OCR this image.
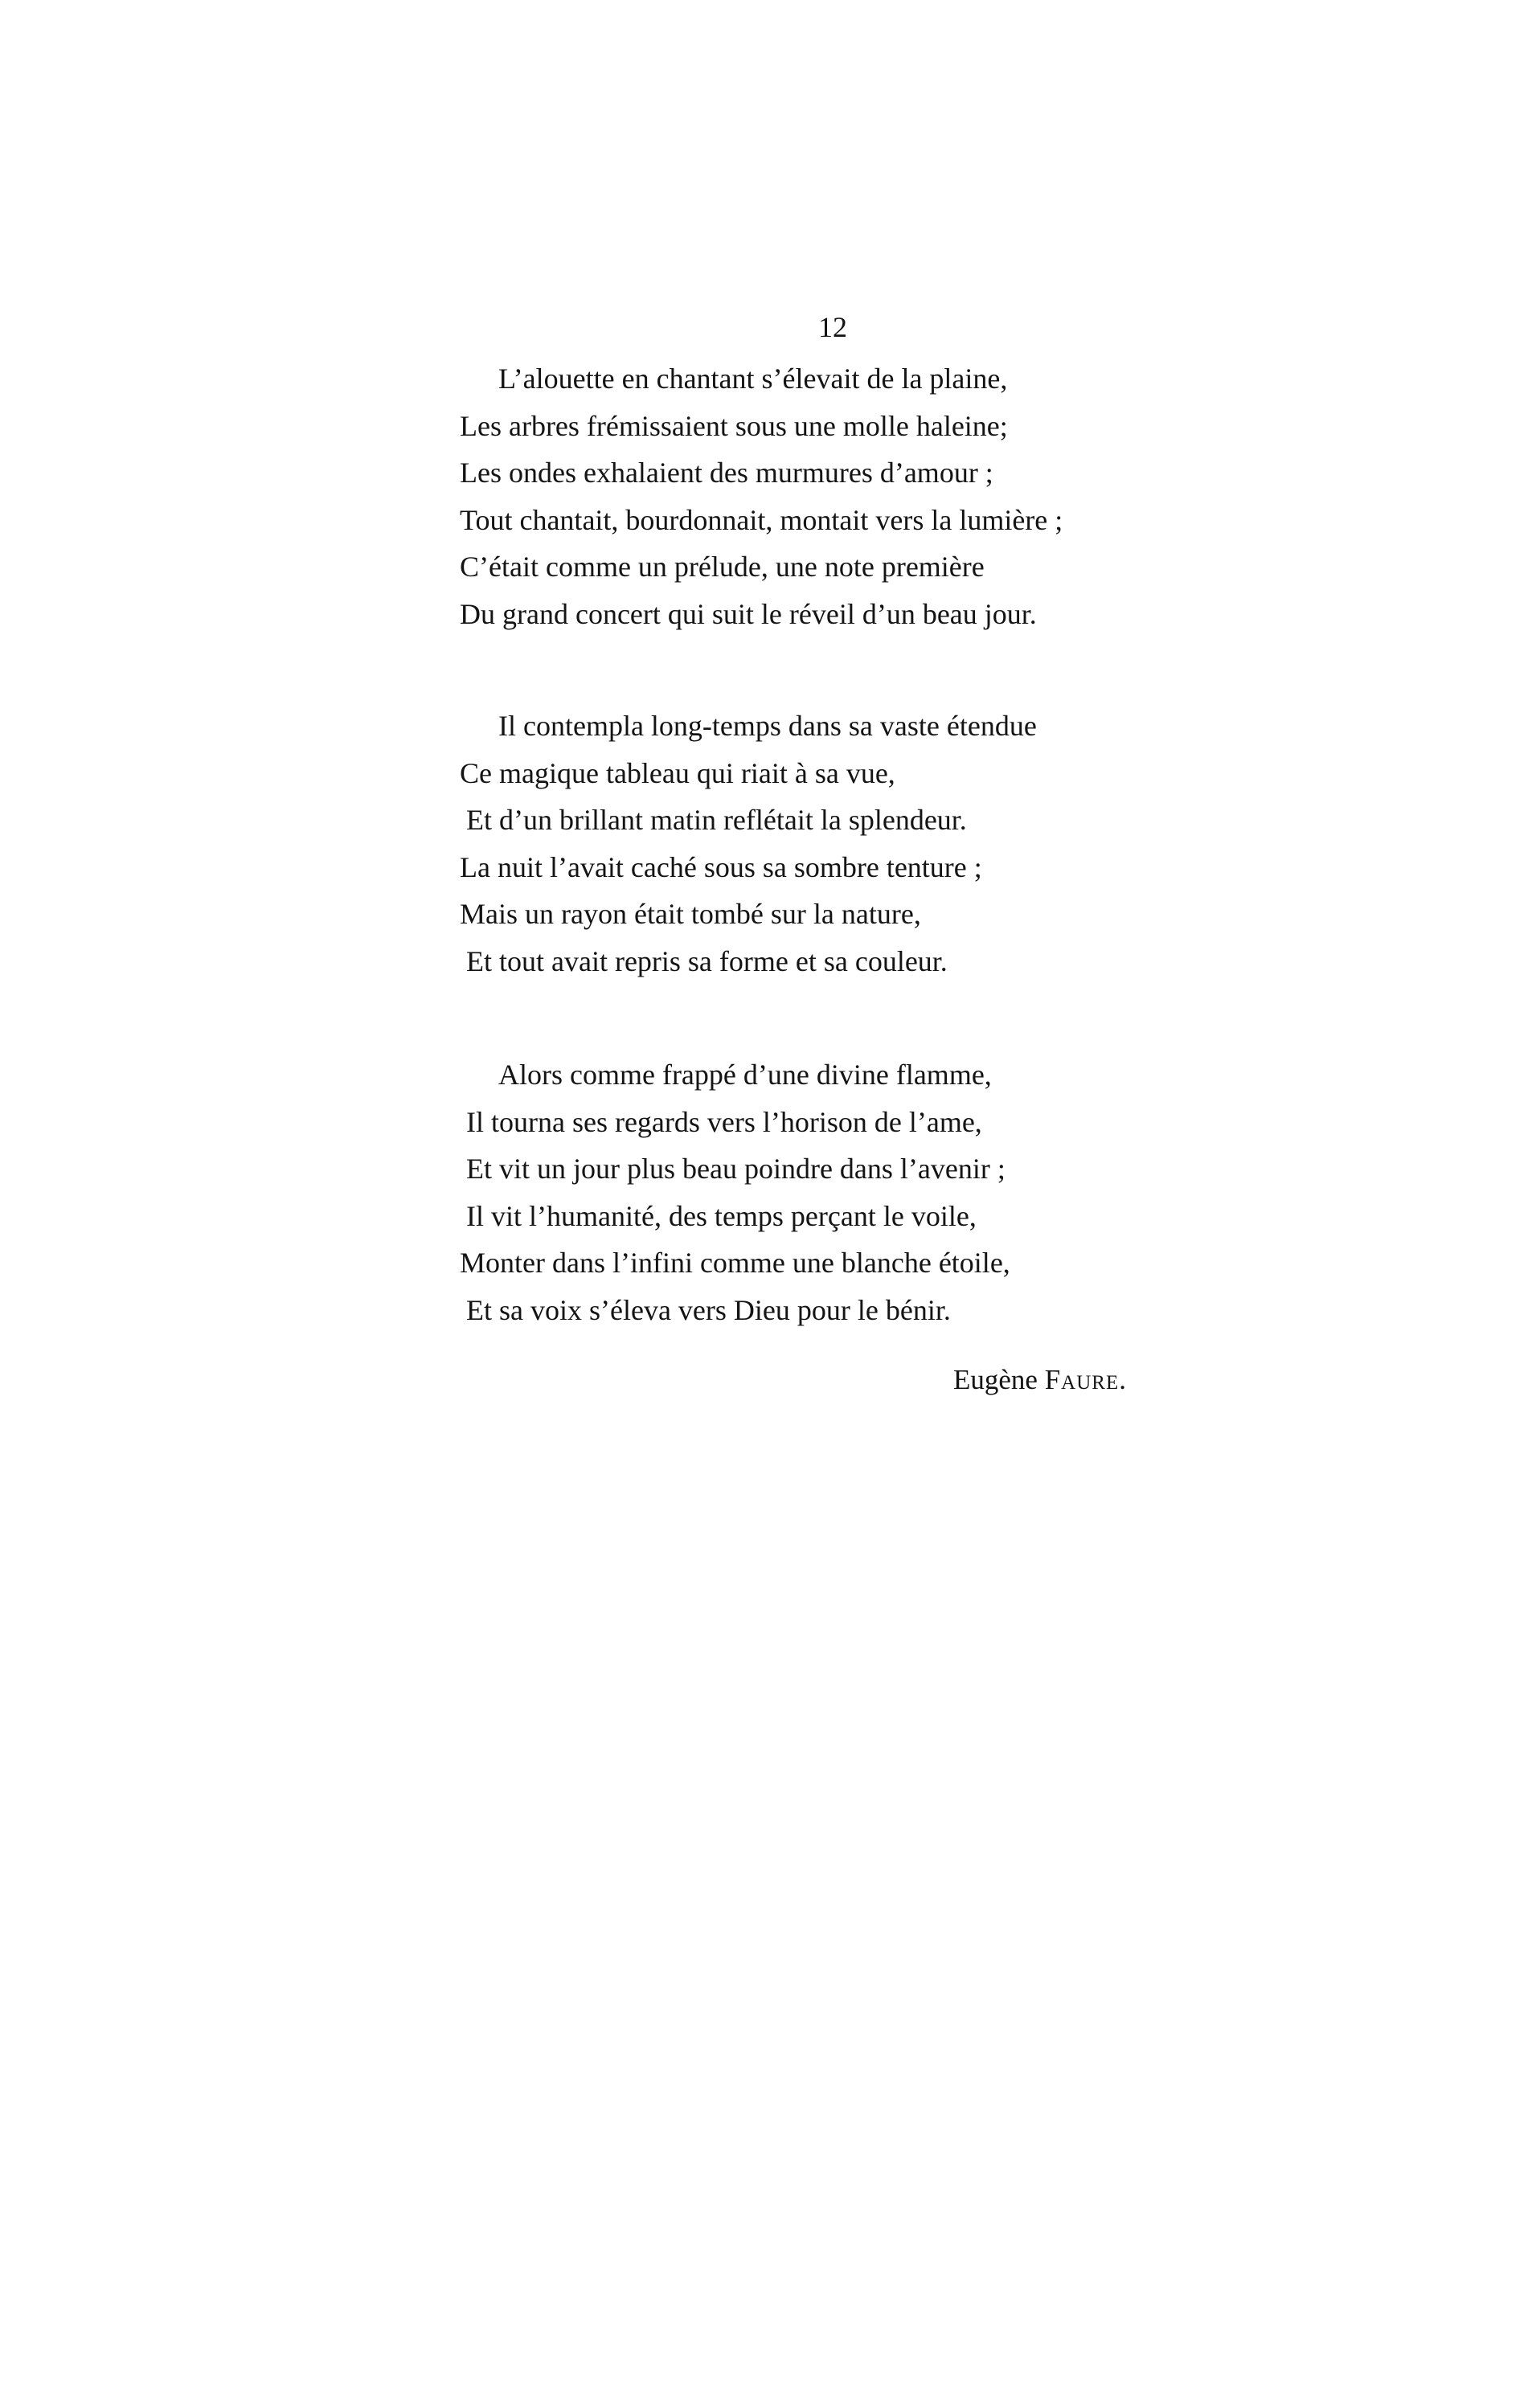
12
L’alouette en chantant s’élevait de la plaine,
Les arbres frémissaient sous une molle haleine;
Les ondes exhalaient des murmures d’amour ;
Tout chantait, bourdonnait, montait vers la lumière ;
C’était comme un prélude, une note première
Du grand concert qui suit le réveil d’un beau jour.
Il contempla long-temps dans sa vaste étendue
Ce magique tableau qui riait à sa vue,
Et d’un brillant matin reflétait la splendeur.
La nuit l’avait caché sous sa sombre tenture ;
Mais un rayon était tombé sur la nature,
Et tout avait repris sa forme et sa couleur.
Alors comme frappé d’une divine flamme,
Il tourna ses regards vers l’horison de l’ame,
Et vit un jour plus beau poindre dans l’avenir ;
Il vit l’humanité, des temps perçant le voile,
Monter dans l’infini comme une blanche étoile,
Et sa voix s’éleva vers Dieu pour le bénir.
Eugène Faure.
